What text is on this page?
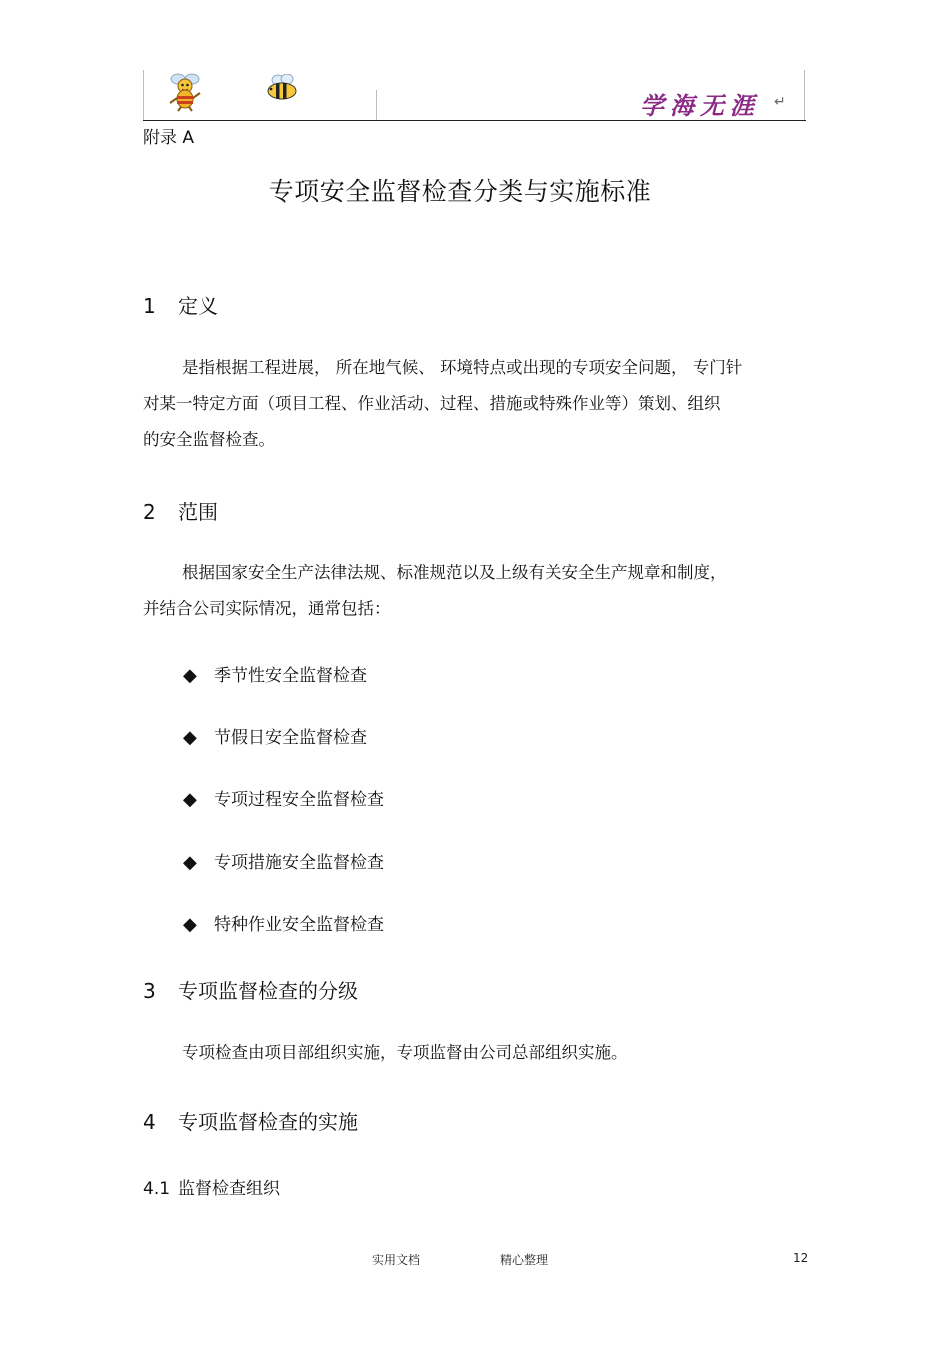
学海无涯 ↵
附录 A
专项安全监督检查分类与实施标准
1 定义
是指根据工程进展， 所在地气候、 环境特点或出现的专项安全问题， 专门针
对某一特定方面（项目工程、作业活动、过程、措施或特殊作业等）策划、组织
的安全监督检查。
2 范围
根据国家安全生产法律法规、标准规范以及上级有关安全生产规章和制度，
并结合公司实际情况，通常包括：
◆ 季节性安全监督检查
◆ 节假日安全监督检查
◆ 专项过程安全监督检查
◆ 专项措施安全监督检查
◆ 特种作业安全监督检查
3 专项监督检查的分级
专项检查由项目部组织实施，专项监督由公司总部组织实施。
4 专项监督检查的实施
4.1 监督检查组织
实用文档	精心整理	12
